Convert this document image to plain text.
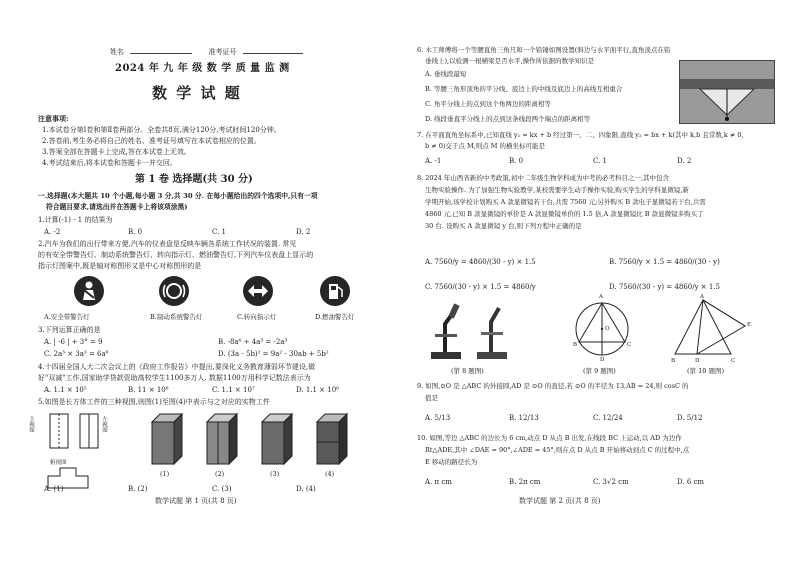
姓名	准考证号
2024 年 九 年 级 数 学 质 量 监 测
数 学 试 题
注意事项:
1.本试卷分第Ⅰ卷和第Ⅱ卷两部分。全卷共8页,满分120分,考试时间120分钟。
2.答卷前,考生务必将自己的姓名、准考证号填写在本试卷相应的位置。
3.答案全部在答题卡上完成,答在本试卷上无效。
4.考试结束后,将本试卷和答题卡一并交回。
第 1 卷 选择题(共 30 分)
一.选择题(本大题共 10 个小题,每小题 3 分,共 30 分. 在每小题给出的四个选项中,只有一项
符合题目要求,请选出并在答题卡上将该项涂黑)
1.计算(-1) - 1 的结果为
A. -2	B. 0	C. 1	D. 2
2.汽车为我们的出行带来方便,汽车的仪表盘是反映车辆各系统工作状况的装置. 常见
的有安全带警告灯、制动系统警告灯、转向指示灯、燃油警告灯,下列汽车仪表盘上显示的
指示灯图案中,既是轴对称图形又是中心对称图形的是
A.安全带警告灯	B.制动系统警告灯	C.转向指示灯	D.燃油警告灯
3.下列运算正确的是
A. | -6 | + 3° = 9	B. -8a⁶ ÷ 4a³ = -2a³
C. 2a³ × 3a³ = 6a⁶	D. (3a - 5b)² = 9a² - 30ab + 5b²
4.十四届全国人大二次会议上的《政府工作报告》中提出,要深化义务教育薄弱环节建设,做
好"双减"工作,国家助学贷款资助高校学生1100多万人. 数据1100万用科学记数法表示为
A. 1.1 × 10⁵	B. 11 × 10⁶	C. 1.1 × 10⁷	D. 1.1 × 10⁸
5.如图是长方体工件的三种视图,则图(1)至图(4)中表示与之对应的实物工件
主视图	左视图
俯视图
(1)	(2)	(3)	(4)
A. (1)	B. (2)	C. (3)	D. (4)
数学试题 第 1 页(共 8 页)
6. 木工师傅将一个等腰直角三角尺和一个铅锤如图设置(斜边与水平面平行,直角顶点在铅
垂线上),以检测一根横梁是否水平,操作所依据的数学知识是
A. 垂线段最短
B. 等腰三角形顶角的平分线、底边上的中线及底边上的高线互相重合
C. 角平分线上的点到这个角两边的距离相等
D. 线段垂直平分线上的点到这条线段两个端点的距离相等
7. 在平面直角坐标系中,已知直线 y₁ = kx + b 经过第一、二、四象限,直线 y₂ = bx + k(其中 k,b 且常数,k ≠ 0,
b ≠ 0)交于点 M,则点 M 的横坐标可能是
A. -1	B. 0	C. 1	D. 2
8. 2024 年山西省新的中考政策,初中二年级生物学科成为中考的必考科目之一,其中包含
生物实验操作. 为了加强生物实验教学,某校需要学生动手操作实验,购买学生的学科显微镜,新
学期开始,该学校计划购买 A 款显微镜若干台,共需 7560 元;另外购买 B 款电子显微镜若干台,共需
4860 元,已知 B 款显微镜的单价是 A 款显微镜单价的 1.5 倍,A 款显微镜比 B 款显微镜多购买了
30 台. 设购买 A 款显微镜 y 台,则下列方程中正确的是
A. 7560/y = 4860/(30 - y) × 1.5	B. 7560/y × 1.5 = 4860/(30 - y)
C. 7560/(30 - y) × 1.5 = 4860/y	D. 7560/(30 - y) = 4860/y × 1.5
(第 8 题图)
A
B	C
D
O
(第 9 题图)
A
B	C
D
E
(第 10 题图)
9. 如图,⊙O 是 △ABC 的外接圆,AD 是 ⊙O 的直径,若 ⊙O 的半径为 13,AB = 24,则 cosC 的
值是
A. 5/13	B. 12/13	C. 12/24	D. 5/12
10. 如图,等边 △ABC 的边长为 6 cm,动点 D 从点 B 出发,在线段 BC 上运动,以 AD 为边作
Rt△ADE,其中 ∠DAE = 90°,∠ADE = 45°,则在点 D 从点 B 开始移动到点 C 的过程中,点
E 移动的路径长为
A. π cm	B. 2π cm	C. 3√2 cm	D. 6 cm
数学试题 第 2 页(共 8 页)
